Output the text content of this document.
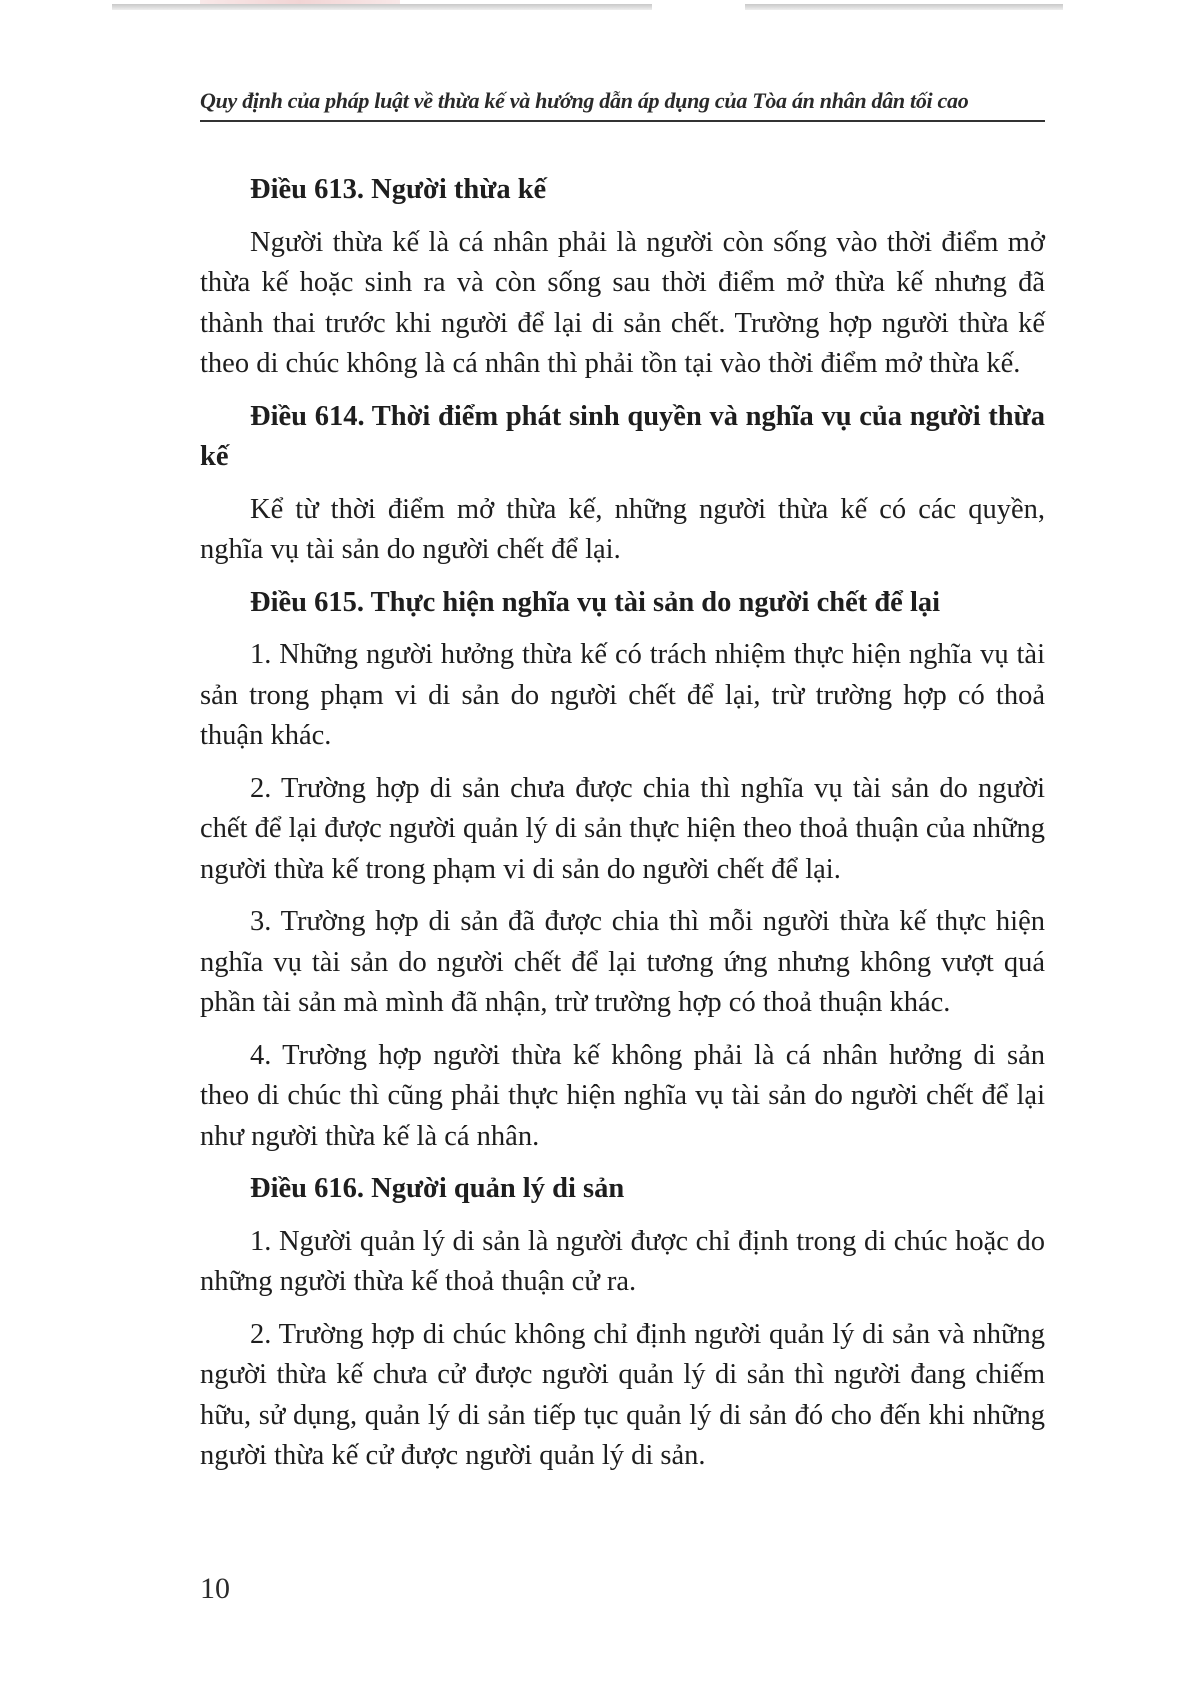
Quy định của pháp luật về thừa kế và hướng dẫn áp dụng của Tòa án nhân dân tối cao
Điều 613. Người thừa kế

Người thừa kế là cá nhân phải là người còn sống vào thời điểm mở thừa kế hoặc sinh ra và còn sống sau thời điểm mở thừa kế nhưng đã thành thai trước khi người để lại di sản chết. Trường hợp người thừa kế theo di chúc không là cá nhân thì phải tồn tại vào thời điểm mở thừa kế.

Điều 614. Thời điểm phát sinh quyền và nghĩa vụ của người thừa kế

Kể từ thời điểm mở thừa kế, những người thừa kế có các quyền, nghĩa vụ tài sản do người chết để lại.

Điều 615. Thực hiện nghĩa vụ tài sản do người chết để lại

1. Những người hưởng thừa kế có trách nhiệm thực hiện nghĩa vụ tài sản trong phạm vi di sản do người chết để lại, trừ trường hợp có thoả thuận khác.

2. Trường hợp di sản chưa được chia thì nghĩa vụ tài sản do người chết để lại được người quản lý di sản thực hiện theo thoả thuận của những người thừa kế trong phạm vi di sản do người chết để lại.

3. Trường hợp di sản đã được chia thì mỗi người thừa kế thực hiện nghĩa vụ tài sản do người chết để lại tương ứng nhưng không vượt quá phần tài sản mà mình đã nhận, trừ trường hợp có thoả thuận khác.

4. Trường hợp người thừa kế không phải là cá nhân hưởng di sản theo di chúc thì cũng phải thực hiện nghĩa vụ tài sản do người chết để lại như người thừa kế là cá nhân.

Điều 616. Người quản lý di sản

1. Người quản lý di sản là người được chỉ định trong di chúc hoặc do những người thừa kế thoả thuận cử ra.

2. Trường hợp di chúc không chỉ định người quản lý di sản và những người thừa kế chưa cử được người quản lý di sản thì người đang chiếm hữu, sử dụng, quản lý di sản tiếp tục quản lý di sản đó cho đến khi những người thừa kế cử được người quản lý di sản.

10
